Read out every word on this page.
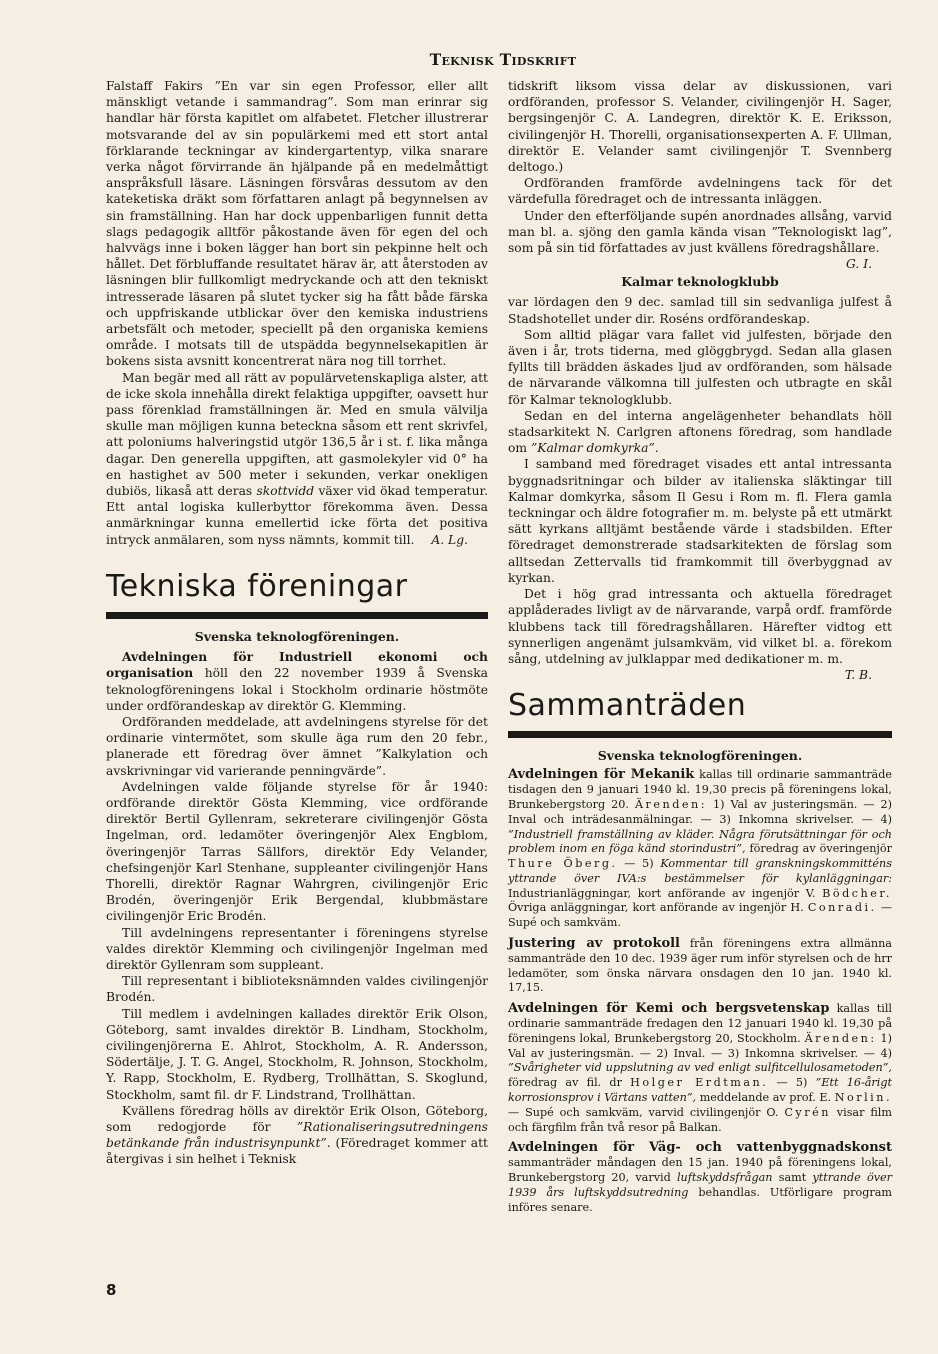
Teknisk Tidskrift

Falstaff Fakirs ”En var sin egen Professor, eller allt mänskligt vetande i sammandrag”. Som man erinrar sig handlar här första kapitlet om alfabetet. Fletcher illustrerar motsvarande del av sin populärkemi med ett stort antal förklarande teckningar av kindergartentyp, vilka snarare verka något förvirrande än hjälpande på en medelmåttigt anspråksfull läsare. Läsningen försvåras dessutom av den kateketiska dräkt som författaren anlagt på begynnelsen av sin framställning. Han har dock uppenbarligen funnit detta slags pedagogik alltför påkostande även för egen del och halvvägs inne i boken lägger han bort sin pekpinne helt och hållet. Det förbluffande resultatet härav är, att återstoden av läsningen blir fullkomligt medryckande och att den tekniskt intresserade läsaren på slutet tycker sig ha fått både färska och uppfriskande utblickar över den kemiska industriens arbetsfält och metoder, speciellt på den organiska kemiens område. I motsats till de utspädda begynnelsekapitlen är bokens sista avsnitt koncentrerat nära nog till torrhet.

Man begär med all rätt av populärvetenskapliga alster, att de icke skola innehålla direkt felaktiga uppgifter, oavsett hur pass förenklad framställningen är. Med en smula välvilja skulle man möjligen kunna beteckna såsom ett rent skrivfel, att poloniums halveringstid utgör 136,5 år i st. f. lika många dagar. Den generella uppgiften, att gasmolekyler vid 0° ha en hastighet av 500 meter i sekunden, verkar onekligen dubiös, likaså att deras skottvidd växer vid ökad temperatur. Ett antal logiska kullerbyttor förekomma även. Dessa anmärkningar kunna emellertid icke förta det positiva intryck anmälaren, som nyss nämnts, kommit till.	A. Lg.

Tekniska föreningar
Svenska teknologföreningen.

Avdelningen för Industriell ekonomi och organisation höll den 22 november 1939 å Svenska teknologföreningens lokal i Stockholm ordinarie höstmöte under ordförandeskap av direktör G. Klemming.

Ordföranden meddelade, att avdelningens styrelse för det ordinarie vintermötet, som skulle äga rum den 20 febr., planerade ett föredrag över ämnet ”Kalkylation och avskrivningar vid varierande penningvärde”.

Avdelningen valde följande styrelse för år 1940: ordförande direktör Gösta Klemming, vice ordförande direktör Bertil Gyllenram, sekreterare civilingenjör Gösta Ingelman, ord. ledamöter överingenjör Alex Engblom, överingenjör Tarras Sällfors, direktör Edy Velander, chefsingenjör Karl Stenhane, suppleanter civilingenjör Hans Thorelli, direktör Ragnar Wahrgren, civilingenjör Eric Brodén, överingenjör Erik Bergendal, klubbmästare civilingenjör Eric Brodén.

Till avdelningens representanter i föreningens styrelse valdes direktör Klemming och civilingenjör Ingelman med direktör Gyllenram som suppleant.

Till representant i biblioteksnämnden valdes civilingenjör Brodén.

Till medlem i avdelningen kallades direktör Erik Olson, Göteborg, samt invaldes direktör B. Lindham, Stockholm, civilingenjörerna E. Ahlrot, Stockholm, A. R. Andersson, Södertälje, J. T. G. Angel, Stockholm, R. Johnson, Stockholm, Y. Rapp, Stockholm, E. Rydberg, Trollhättan, S. Skoglund, Stockholm, samt fil. dr F. Lindstrand, Trollhättan.

Kvällens föredrag hölls av direktör Erik Olson, Göteborg, som redogjorde för ”Rationaliseringsutredningens betänkande från industrisynpunkt”. (Föredraget kommer att återgivas i sin helhet i Teknisk

tidskrift liksom vissa delar av diskussionen, vari ordföranden, professor S. Velander, civilingenjör H. Sager, bergsingenjör C. A. Landegren, direktör K. E. Eriksson, civilingenjör H. Thorelli, organisationsexperten A. F. Ullman, direktör E. Velander samt civilingenjör T. Svennberg deltogo.)

Ordföranden framförde avdelningens tack för det värdefulla föredraget och de intressanta inläggen.

Under den efterföljande supén anordnades allsång, varvid man bl. a. sjöng den gamla kända visan ”Teknologiskt lag”, som på sin tid författades av just kvällens föredragshållare.
G. I.

Kalmar teknologklubb

var lördagen den 9 dec. samlad till sin sedvanliga julfest å Stadshotellet under dir. Roséns ordförandeskap.

Som alltid plägar vara fallet vid julfesten, började den även i år, trots tiderna, med glöggbrygd. Sedan alla glasen fyllts till brädden äskades ljud av ordföranden, som hälsade de närvarande välkomna till julfesten och utbragte en skål för Kalmar teknologklubb.

Sedan en del interna angelägenheter behandlats höll stadsarkitekt N. Carlgren aftonens föredrag, som handlade om ”Kalmar domkyrka”.

I samband med föredraget visades ett antal intressanta byggnadsritningar och bilder av italienska släktingar till Kalmar domkyrka, såsom Il Gesu i Rom m. fl. Flera gamla teckningar och äldre fotografier m. m. belyste på ett utmärkt sätt kyrkans alltjämt bestående värde i stadsbilden. Efter föredraget demonstrerade stadsarkitekten de förslag som alltsedan Zettervalls tid framkommit till överbyggnad av kyrkan.

Det i hög grad intressanta och aktuella föredraget applåderades livligt av de närvarande, varpå ordf. framförde klubbens tack till föredragshållaren. Härefter vidtog ett synnerligen angenämt julsamkväm, vid vilket bl. a. förekom sång, utdelning av julklappar med dedikationer m. m.
T. B.

Sammanträden
Svenska teknologföreningen.

Avdelningen för Mekanik kallas till ordinarie sammanträde tisdagen den 9 januari 1940 kl. 19,30 precis på föreningens lokal, Brunkebergstorg 20. Ärenden: 1) Val av justeringsmän. — 2) Inval och inträdesanmälningar. — 3) Inkomna skrivelser. — 4) ”Industriell framställning av kläder. Några förutsättningar för och problem inom en föga känd storindustri”, föredrag av överingenjör Thure Öberg. — 5) Kommentar till granskningskommitténs yttrande över IVA:s bestämmelser för kylanläggningar: Industrianläggningar, kort anförande av ingenjör V. Bödcher. Övriga anläggningar, kort anförande av ingenjör H. Conradi. — Supé och samkväm.

Justering av protokoll från föreningens extra allmänna sammanträde den 10 dec. 1939 äger rum inför styrelsen och de hrr ledamöter, som önska närvara onsdagen den 10 jan. 1940 kl. 17,15.

Avdelningen för Kemi och bergsvetenskap kallas till ordinarie sammanträde fredagen den 12 januari 1940 kl. 19,30 på föreningens lokal, Brunkebergstorg 20, Stockholm. Ärenden: 1) Val av justeringsmän. — 2) Inval. — 3) Inkomna skrivelser. — 4) ”Svårigheter vid uppslutning av ved enligt sulfitcellulosametoden”, föredrag av fil. dr Holger Erdtman. — 5) ”Ett 16-årigt korrosionsprov i Värtans vatten”, meddelande av prof. E. Norlin. — Supé och samkväm, varvid civilingenjör O. Cyrén visar film och färgfilm från två resor på Balkan.

Avdelningen för Väg- och vattenbyggnadskonst sammanträder måndagen den 15 jan. 1940 på föreningens lokal, Brunkebergstorg 20, varvid luftskyddsfrågan samt yttrande över 1939 års luftskyddsutredning behandlas. Utförligare program införes senare.

8
